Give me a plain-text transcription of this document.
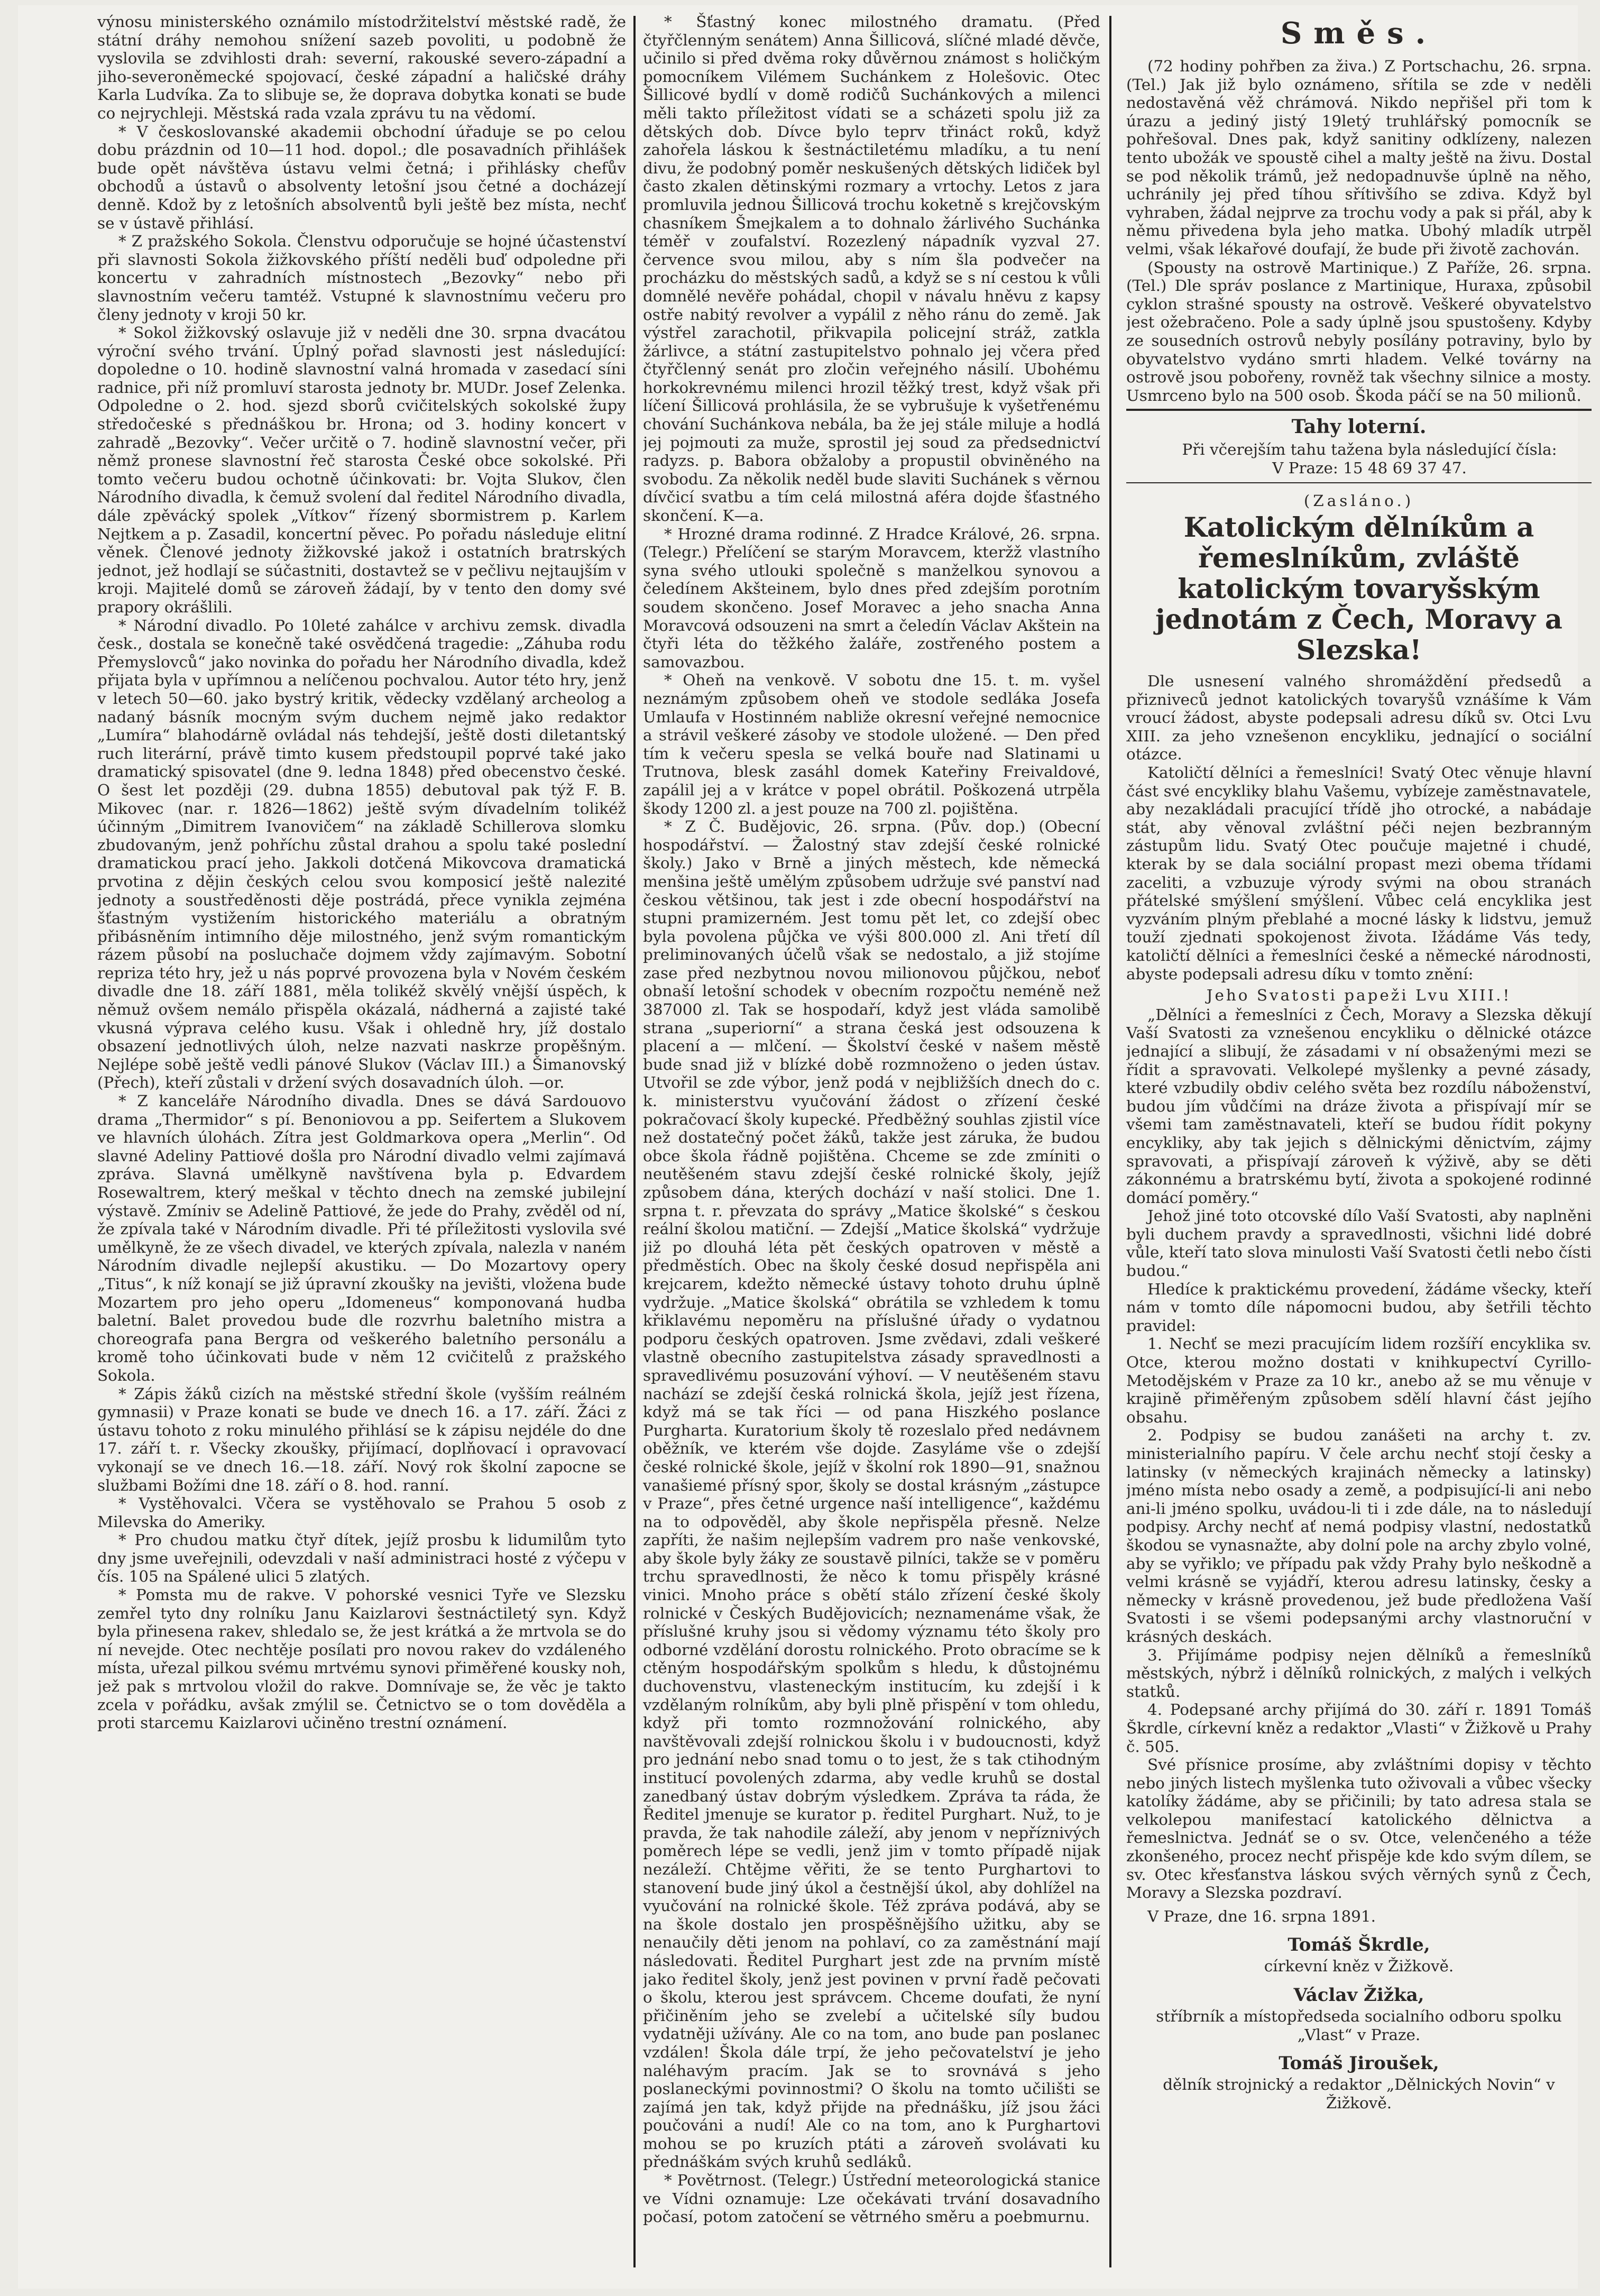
výnosu ministerského oznámilo místodržitelství městské radě, že státní dráhy nemohou snížení sazeb povoliti, u podobně že vyslovila se zdvihlosti drah: severní, rakouské severo-západní a jiho-severoněmecké spojovací, české západní a haličské dráhy Karla Ludvíka. Za to slibuje se, že doprava dobytka konati se bude co nejrychleji. Městská rada vzala zprávu tu na vědomí.

* V českoslovanské akademii obchodní úřaduje se po celou dobu prázdnin od 10—11 hod. dopol.; dle posavadních přihlášek bude opět návštěva ústavu velmi četná; i přihlásky chefův obchodů a ústavů o absolventy letošní jsou četné a docházejí denně. Kdož by z letošních absolventů byli ještě bez místa, nechť se v ústavě přihlásí.

* Z pražského Sokola. Členstvu odporučuje se hojné účastenství při slavnosti Sokola žižkovského příští neděli buď odpoledne při koncertu v zahradních místnostech „Bezovky“ nebo při slavnostním večeru tamtéž. Vstupné k slavnostnímu večeru pro členy jednoty v kroji 50 kr.

* Sokol žižkovský oslavuje již v neděli dne 30. srpna dvacátou výroční svého trvání. Úplný pořad slavnosti jest následující: dopoledne o 10. hodině slavnostní valná hromada v zasedací síni radnice, při níž promluví starosta jednoty br. MUDr. Josef Zelenka. Odpoledne o 2. hod. sjezd sborů cvičitelských sokolské župy středočeské s přednáškou br. Hrona; od 3. hodiny koncert v zahradě „Bezovky“. Večer určitě o 7. hodině slavnostní večer, při němž pronese slavnostní řeč starosta České obce sokolské. Při tomto večeru budou ochotně účinkovati: br. Vojta Slukov, člen Národního divadla, k čemuž svolení dal ředitel Národního divadla, dále zpěvácký spolek „Vítkov“ řízený sbormistrem p. Karlem Nejtkem a p. Zasadil, koncertní pěvec. Po pořadu následuje elitní věnek. Členové jednoty žižkovské jakož i ostatních bratrských jednot, jež hodlají se súčastniti, dostavtež se v pečlivu nejtaujším v kroji. Majitelé domů se zároveň žádají, by v tento den domy své prapory okrášlili.

* Národní divadlo. Po 10leté zahálce v archivu zemsk. divadla česk., dostala se konečně také osvědčená tragedie: „Záhuba rodu Přemyslovců“ jako novinka do pořadu her Národního divadla, kdež přijata byla v upřímnou a nelíčenou pochvalou. Autor této hry, jenž v letech 50—60. jako bystrý kritik, vědecky vzdělaný archeolog a nadaný básník mocným svým duchem nejmě jako redaktor „Lumíra“ blahodárně ovládal nás tehdejší, ještě dosti diletantský ruch literární, právě timto kusem předstoupil poprvé také jako dramatický spisovatel (dne 9. ledna 1848) před obecenstvo české. O šest let později (29. dubna 1855) debutoval pak týž F. B. Mikovec (nar. r. 1826—1862) ještě svým dívadelním tolikéž účinným „Dimitrem Ivanovičem“ na základě Schillerova slomku zbudovaným, jenž pohříchu zůstal drahou a spolu také poslední dramatickou prací jeho. Jakkoli dotčená Mikovcova dramatická prvotina z dějin českých celou svou komposicí ještě nalezité jednoty a soustředěnosti děje postrádá, přece vynikla zejména šťastným vystižením historického materiálu a obratným přibásněním intimního děje milostného, jenž svým romantickým rázem působí na posluchače dojmem vždy zajímavým. Sobotní repriza této hry, jež u nás poprvé provozena byla v Novém českém divadle dne 18. září 1881, měla tolikéž skvělý vnější úspěch, k němuž ovšem nemálo přispěla okázalá, nádherná a zajisté také vkusná výprava celého kusu. Však i ohledně hry, jíž dostalo obsazení jednotlivých úloh, nelze nazvati naskrze propěšným. Nejlépe sobě ještě vedli pánové Slukov (Václav III.) a Šimanovský (Přech), kteří zůstali v držení svých dosavadních úloh. —or.

* Z kanceláře Národního divadla. Dnes se dává Sardouovo drama „Thermidor“ s pí. Benoniovou a pp. Seifertem a Slukovem ve hlavních úlohách. Zítra jest Goldmarkova opera „Merlin“. Od slavné Adeliny Pattiové došla pro Národní divadlo velmi zajímavá zpráva. Slavná umělkyně navštívena byla p. Edvardem Rosewaltrem, který meškal v těchto dnech na zemské jubilejní výstavě. Zmíniv se Adelině Pattiové, že jede do Prahy, zvěděl od ní, že zpívala také v Národním divadle. Při té příležitosti vyslovila své umělkyně, že ze všech divadel, ve kterých zpívala, nalezla v naném Národním divadle nejlepší akustiku. — Do Mozartovy opery „Titus“, k níž konají se již úpravní zkoušky na jevišti, vložena bude Mozartem pro jeho operu „Idomeneus“ komponovaná hudba baletní. Balet provedou bude dle rozvrhu baletního mistra a choreografa pana Bergra od veškerého baletního personálu a kromě toho účinkovati bude v něm 12 cvičitelů z pražského Sokola.

* Zápis žáků cizích na městské střední škole (vyšším reálném gymnasii) v Praze konati se bude ve dnech 16. a 17. září. Žáci z ústavu tohoto z roku minulého přihlásí se k zápisu nejdéle do dne 17. září t. r. Všecky zkoušky, přijímací, doplňovací i opravovací vykonají se ve dnech 16.—18. září. Nový rok školní zapocne se službami Božími dne 18. září o 8. hod. ranní.

* Vystěhovalci. Včera se vystěhovalo se Prahou 5 osob z Milevska do Ameriky.

* Pro chudou matku čtyř dítek, jejíž prosbu k lidumilům tyto dny jsme uveřejnili, odevzdali v naší administraci hosté z výčepu v čís. 105 na Spálené ulici 5 zlatých.

* Pomsta mu de rakve. V pohorské vesnici Tyře ve Slezsku zemřel tyto dny rolníku Janu Kaizlarovi šestnáctiletý syn. Když byla přinesena rakev, shledalo se, že jest krátká a že mrtvola se do ní nevejde. Otec nechtěje posílati pro novou rakev do vzdáleného místa, uřezal pilkou svému mrtvému synovi přiměřené kousky noh, jež pak s mrtvolou vložil do rakve. Domnívaje se, že věc je takto zcela v pořádku, avšak zmýlil se. Četnictvo se o tom dověděla a proti starcemu Kaizlarovi učiněno trestní oznámení.

* Šťastný konec milostného dramatu. (Před čtyřčlenným senátem) Anna Šillicová, slíčné mladé děvče, učinilo si před dvěma roky důvěrnou známost s holičkým pomocníkem Vilémem Suchánkem z Holešovic. Otec Šillicové bydlí v domě rodičů Suchánkových a milenci měli takto příležitost vídati se a scházeti spolu již za dětských dob. Dívce bylo teprv třináct roků, když zahořela láskou k šestnáctiletému mladíku, a tu není divu, že podobný poměr neskušených dětských lidiček byl často zkalen dětinskými rozmary a vrtochy. Letos z jara promluvila jednou Šillicová trochu koketně s krejčovským chasníkem Šmejkalem a to dohnalo žárlivého Suchánka téměř v zoufalství. Rozezlený nápadník vyzval 27. července svou milou, aby s ním šla podvečer na procházku do městských sadů, a když se s ní cestou k vůli domnělé nevěře pohádal, chopil v návalu hněvu z kapsy ostře nabitý revolver a vypálil z něho ránu do země. Jak výstřel zarachotil, přikvapila policejní stráž, zatkla žárlivce, a státní zastupitelstvo pohnalo jej včera před čtyřčlenný senát pro zločin veřejného násilí. Ubohému horkokrevnému milenci hrozil těžký trest, když však při líčení Šillicová prohlásila, že se vybrušuje k vyšetřenému chování Suchánkova nebála, ba že jej stále miluje a hodlá jej pojmouti za muže, sprostil jej soud za předsednictví radyzs. p. Babora obžaloby a propustil obviněného na svobodu. Za několik neděl bude slaviti Suchánek s věrnou dívčicí svatbu a tím celá milostná aféra dojde šťastného skončení. K—a.

* Hrozné drama rodinné. Z Hradce Králové, 26. srpna. (Telegr.) Přelíčení se starým Moravcem, kteržž vlastního syna svého utlouki společně s manželkou synovou a čeledínem Akšteinem, bylo dnes před zdejším porotním soudem skončeno. Josef Moravec a jeho snacha Anna Moravcová odsouzeni na smrt a čeledín Václav Akštein na čtyři léta do těžkého žaláře, zostřeného postem a samovazbou.

* Oheň na venkově. V sobotu dne 15. t. m. vyšel neznámým způsobem oheň ve stodole sedláka Josefa Umlaufa v Hostinném nabliže okresní veřejné nemocnice a strávil veškeré zásoby ve stodole uložené. — Den před tím k večeru spesla se velká bouře nad Slatinami u Trutnova, blesk zasáhl domek Kateřiny Freivaldové, zapálil jej a v krátce v popel obrátil. Poškozená utrpěla škody 1200 zl. a jest pouze na 700 zl. pojištěna.

* Z Č. Budějovic, 26. srpna. (Pův. dop.) (Obecní hospodářství. — Žalostný stav zdejší české rolnické školy.) Jako v Brně a jiných městech, kde německá menšina ještě umělým způsobem udržuje své panství nad českou většinou, tak jest i zde obecní hospodářství na stupni pramizerném. Jest tomu pět let, co zdejší obec byla povolena půjčka ve výši 800.000 zl. Ani třetí díl preliminovaných účelů však se nedostalo, a již stojíme zase před nezbytnou novou milionovou půjčkou, neboť obnaší letošní schodek v obecním rozpočtu neméně než 387000 zl. Tak se hospodaří, když jest vláda samolibě strana „superiorní“ a strana česká jest odsouzena k placení a — mlčení. — Školství české v našem městě bude snad již v blízké době rozmnoženo o jeden ústav. Utvořil se zde výbor, jenž podá v nejbližších dnech do c. k. ministerstvu vyučování žádost o zřízení české pokračovací školy kupecké. Předběžný souhlas zjistil více než dostatečný počet žáků, takže jest záruka, že budou obce škola řádně pojištěna. Chceme se zde zmíniti o neutěšeném stavu zdejší české rolnické školy, jejíž způsobem dána, kterých dochází v naší stolici. Dne 1. srpna t. r. převzata do správy „Matice školské“ s českou reální školou matiční. — Zdejší „Matice školská“ vydržuje již po dlouhá léta pět českých opatroven v městě a předměstích. Obec na školy české dosud nepřispěla ani krejcarem, kdežto německé ústavy tohoto druhu úplně vydržuje. „Matice školská“ obrátila se vzhledem k tomu křiklavému nepoměru na příslušné úřady o vydatnou podporu českých opatroven. Jsme zvědavi, zdali veškeré vlastně obecního zastupitelstva zásady spravedlnosti a spravedlivému posuzování výhoví. — V neutěšeném stavu nachází se zdejší česká rolnická škola, jejíž jest řízena, když má se tak říci — od pana Hiszkého poslance Purgharta. Kuratorium školy tě rozeslalo před nedávnem oběžník, ve kterém vše dojde. Zasyláme vše o zdejší české rolnické škole, jejíž v školní rok 1890—91, snažnou vanašiemé přísný spor, školy se dostal krásným „zástupce v Praze“, přes četné urgence naší intelligence“, každému na to odpověděl, aby škole nepřispěla přesně. Nelze zapříti, že našim nejlepším vadrem pro naše venkovské, aby škole byly žáky ze soustavě pilníci, takže se v poměru trchu spravedlnosti, že něco k tomu přispěly krásné vinici. Mnoho práce s obětí stálo zřízení české školy rolnické v Českých Budějovicích; neznamenáme však, že příslušné kruhy jsou si vědomy významu této školy pro odborné vzdělání dorostu rolnického. Proto obracíme se k ctěným hospodářským spolkům s hledu, k důstojnému duchovenstvu, vlasteneckým institucím, ku zdejší i k vzdělaným rolníkům, aby byli plně přispění v tom ohledu, když při tomto rozmnožování rolnického, aby navštěvovali zdejší rolnickou školu i v budoucnosti, když pro jednání nebo snad tomu o to jest, že s tak ctihodným institucí povolených zdarma, aby vedle kruhů se dostal zanedbaný ústav dobrým výsledkem. Zpráva ta ráda, že Ředitel jmenuje se kurator p. ředitel Purghart. Nuž, to je pravda, že tak nahodile záleží, aby jenom v nepříznivých poměrech lépe se vedli, jenž jim v tomto případě nijak nezáleží. Chtějme věřiti, že se tento Purghartovi to stanovení bude jiný úkol a čestnější úkol, aby dohlížel na vyučování na rolnické škole. Též zpráva podává, aby se na škole dostalo jen prospěšnějšího užitku, aby se nenaučily děti jenom na pohlaví, co za zaměstnání mají následovati. Ředitel Purghart jest zde na prvním místě jako ředitel školy, jenž jest povinen v první řadě pečovati o školu, kterou jest správcem. Chceme doufati, že nyní přičiněním jeho se zvelebí a učitelské síly budou vydatněji užívány. Ale co na tom, ano bude pan poslanec vzdálen! Škola dále trpí, že jeho pečovatelství je jeho naléhavým pracím. Jak se to srovnává s jeho poslaneckými povinnostmi? O školu na tomto učilišti se zajímá jen tak, když přijde na přednášku, jíž jsou žáci poučováni a nudí! Ale co na tom, ano k Purghartovi mohou se po kruzích ptáti a zároveň svolávati ku přednáškám svých kruhů sedláků.

* Povětrnost. (Telegr.) Ústřední meteorologická stanice ve Vídni oznamuje: Lze očekávati trvání dosavadního počasí, potom zatočení se větrného směru a poebmurnu.

Směs.

(72 hodiny pohřben za živa.) Z Portschachu, 26. srpna. (Tel.) Jak již bylo oznámeno, sřítila se zde v neděli nedostavěná věž chrámová. Nikdo nepřišel při tom k úrazu a jediný jistý 19letý truhlářský pomocník se pohřešoval. Dnes pak, když sanitiny odklízeny, nalezen tento ubožák ve spoustě cihel a malty ještě na živu. Dostal se pod několik trámů, jež nedopadnuvše úplně na něho, uchránily jej před tíhou sřítivšího se zdiva. Když byl vyhraben, žádal nejprve za trochu vody a pak si přál, aby k němu přivedena byla jeho matka. Ubohý mladík utrpěl velmi, však lékařové doufají, že bude při životě zachován.

(Spousty na ostrově Martinique.) Z Paříže, 26. srpna. (Tel.) Dle správ poslance z Martinique, Huraxa, způsobil cyklon strašné spousty na ostrově. Veškeré obyvatelstvo jest ožebračeno. Pole a sady úplně jsou spustošeny. Kdyby ze sousedních ostrovů nebyly posílány potraviny, bylo by obyvatelstvo vydáno smrti hladem. Velké továrny na ostrově jsou pobořeny, rovněž tak všechny silnice a mosty. Usmrceno bylo na 500 osob. Škoda páčí se na 50 milionů.

Tahy loterní.

Při včerejším tahu tažena byla následující čísla:

V Praze: 15 48 69 37 47.

(Zasláno.)
Katolickým dělníkům a řemeslníkům, zvláště katolickým tovaryšským jednotám z Čech, Moravy a Slezska!

Dle usnesení valného shromáždění předsedů a přizniveců jednot katolických tovaryšů vznášíme k Vám vroucí žádost, abyste podepsali adresu díků sv. Otci Lvu XIII. za jeho vznešenon encykliku, jednající o sociální otázce.

Katoličtí dělníci a řemeslníci! Svatý Otec věnuje hlavní část své encykliky blahu Vašemu, vybízeje zaměstnavatele, aby nezakládali pracující třídě jho otrocké, a nabádaje stát, aby věnoval zvláštní péči nejen bezbranným zástupům lidu. Svatý Otec poučuje majetné i chudé, kterak by se dala sociální propast mezi obema třídami zaceliti, a vzbuzuje výrody svými na obou stranách přátelské smýšlení smýšlení. Vůbec celá encyklika jest vyzváním plným přeblahé a mocné lásky k lidstvu, jemuž touží zjednati spokojenost života. Ižádáme Vás tedy, katoličtí dělníci a řemeslníci české a německé národnosti, abyste podepsali adresu díku v tomto znění:

Jeho Svatosti papeži Lvu XIII.!

„Dělníci a řemeslníci z Čech, Moravy a Slezska děkují Vaší Svatosti za vznešenou encykliku o dělnické otázce jednající a slibují, že zásadami v ní obsaženými mezi se řídit a spravovati. Velkolepé myšlenky a pevné zásady, které vzbudily obdiv celého světa bez rozdílu náboženství, budou jím vůdčími na dráze života a přispívají mír se všemi tam zaměstnavateli, kteří se budou řídit pokyny encykliky, aby tak jejich s dělnickými děnictvím, zájmy spravovati, a přispívají zároveň k výživě, aby se děti zákonnému a bratrskému bytí, života a spokojené rodinné domácí poměry.“

Jehož jiné toto otcovské dílo Vaší Svatosti, aby naplněni byli duchem pravdy a spravedlnosti, všichni lidé dobré vůle, kteří tato slova minulosti Vaší Svatosti četli nebo čísti budou.“

Hledíce k praktickému provedení, žádáme všecky, kteří nám v tomto díle nápomocni budou, aby šetřili těchto pravidel:

1. Nechť se mezi pracujícím lidem rozšíří encyklika sv. Otce, kterou možno dostati v knihkupectví Cyrillo-Metodějském v Praze za 10 kr., anebo až se mu věnuje v krajině přiměřeným způsobem sdělí hlavní část jejího obsahu.

2. Podpisy se budou zanášeti na archy t. zv. ministerialního papíru. V čele archu nechť stojí česky a latinsky (v německých krajinách německy a latinsky) jméno místa nebo osady a země, a podpisující-li ani nebo ani-li jméno spolku, uvádou-li ti i zde dále, na to následují podpisy. Archy nechť ať nemá podpisy vlastní, nedostatků škodou se vynasnažte, aby dolní pole na archy zbylo volné, aby se vyřiklo; ve případu pak vždy Prahy bylo neškodně a velmi krásně se vyjádří, kterou adresu latinsky, česky a německy v krásně provedenou, jež bude předložena Vaší Svatosti i se všemi podepsanými archy vlastnoruční v krásných deskách.

3. Přijímáme podpisy nejen dělníků a řemeslníků městských, nýbrž i dělníků rolnických, z malých i velkých statků.

4. Podepsané archy přijímá do 30. září r. 1891 Tomáš Škrdle, církevní kněz a redaktor „Vlasti“ v Žižkově u Prahy č. 505.

Své přísnice prosíme, aby zvláštními dopisy v těchto nebo jiných listech myšlenka tuto oživovali a vůbec všecky katolíky žádáme, aby se přičinili; by tato adresa stala se velkolepou manifestací katolického dělnictva a řemeslnictva. Jednáť se o sv. Otce, velenčeného a téže zkonšeného, procez nechť přispěje kde kdo svým dílem, se sv. Otec křesťanstva láskou svých věrných synů z Čech, Moravy a Slezska pozdraví.

V Praze, dne 16. srpna 1891.

Tomáš Škrdle,
církevní kněz v Žižkově.
Václav Žižka,
stříbrník a místopředseda socialního odboru spolku „Vlast“ v Praze.
Tomáš Jiroušek,
dělník strojnický a redaktor „Dělnických Novin“ v Žižkově.
